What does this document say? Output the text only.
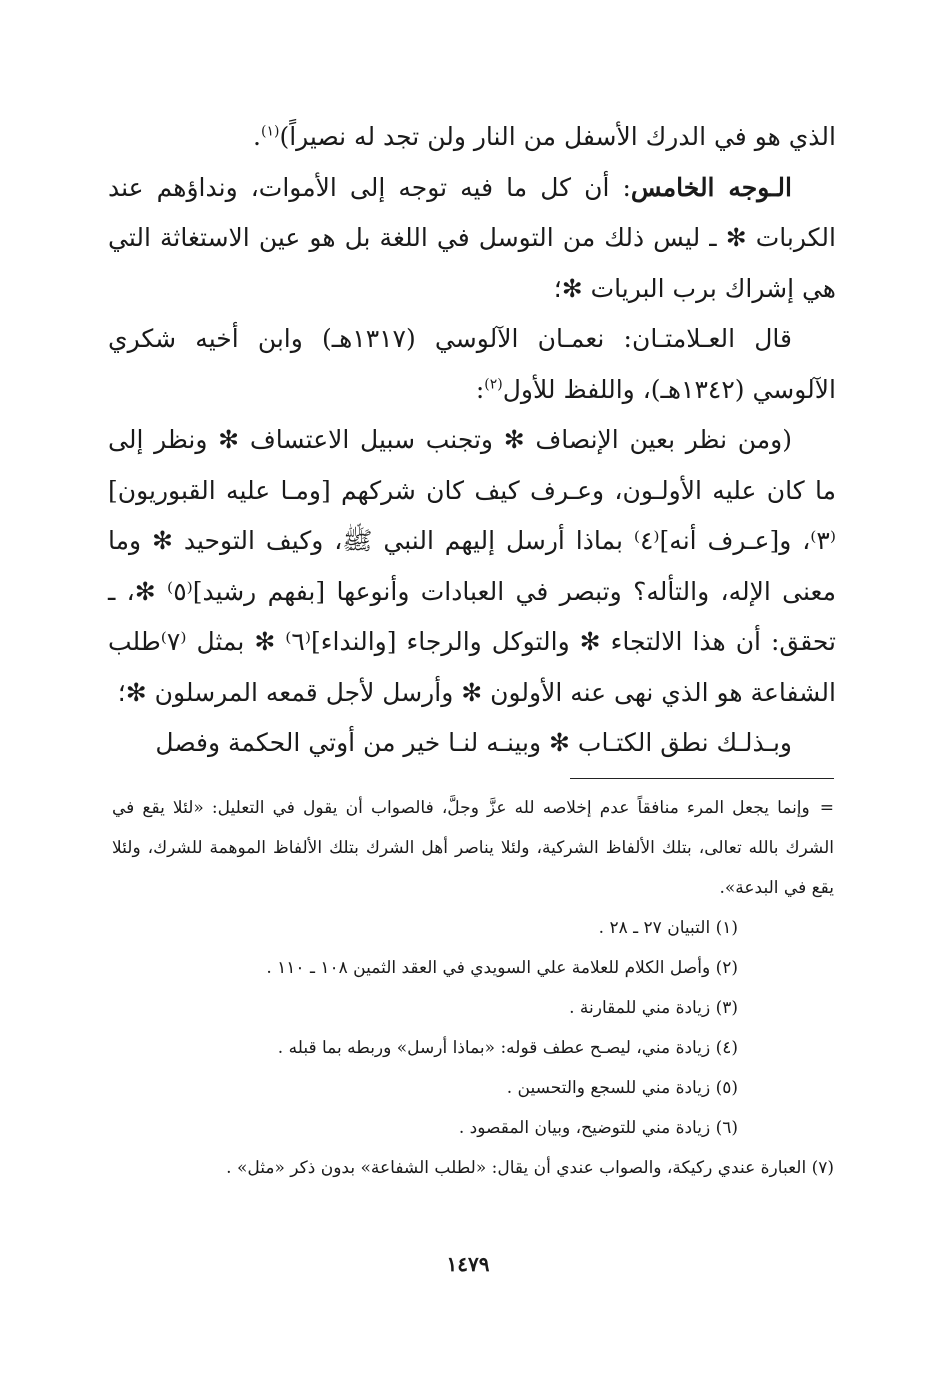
الذي هو في الدرك الأسفل من النار ولن تجد له نصيراً)$^{(١)}$.

الـوجه الخامس: أن كل ما فيه توجه إلى الأموات، ونداؤهم عند الكربات ✻ ـ ليس ذلك من التوسل في اللغة بل هو عين الاستغاثة التي هي إشراك برب البريات ✻؛

قال العـلامتـان: نعمـان الآلوسي (١٣١٧هـ) وابن أخيه شكري الآلوسي (١٣٤٢هـ)، واللفظ للأول$^{(٢)}$:

(ومن نظر بعين الإنصاف ✻ وتجنب سبيل الاعتساف ✻ ونظر إلى ما كان عليه الأولـون، وعـرف كيف كان شركهم [ومـا عليه القبوريون]⁽٣⁾، و[عـرف أنه]⁽٤⁾ بماذا أرسل إليهم النبي ﷺ، وكيف التوحيد ✻ وما معنى الإله، والتأله؟ وتبصر في العبادات وأنوعها [بفهم رشيد]⁽٥⁾ ✻، ـ تحقق: أن هذا الالتجاء ✻ والتوكل والرجاء [والنداء]⁽٦⁾ ✻ بمثل ⁽٧⁾طلب الشفاعة هو الذي نهى عنه الأولون ✻ وأرسل لأجل قمعه المرسلون ✻؛

وبـذلـك نطق الكتـاب ✻ وبينـه لنـا خير من أوتي الحكمة وفصل

=وإنما يجعل المرء منافقاً عدم إخلاصه لله عزَّ وجلَّ، فالصواب أن يقول في التعليل: «لئلا يقع في الشرك بالله تعالى، بتلك الألفاظ الشركية، ولئلا يناصر أهل الشرك بتلك الألفاظ الموهمة للشرك، ولئلا يقع في البدعة».

(١) التبيان ٢٧ ـ ٢٨ .

(٢) وأصل الكلام للعلامة علي السويدي في العقد الثمين ١٠٨ ـ ١١٠ .

(٣) زيادة مني للمقارنة .

(٤) زيادة مني، ليصـح عطف قوله: «بماذا أرسل» وربطه بما قبله .

(٥) زيادة مني للسجع والتحسين .

(٦) زيادة مني للتوضيح، وبيان المقصود .

(٧) العبارة عندي ركيكة، والصواب عندي أن يقال: «لطلب الشفاعة» بدون ذكر «مثل» .

١٤٧٩
